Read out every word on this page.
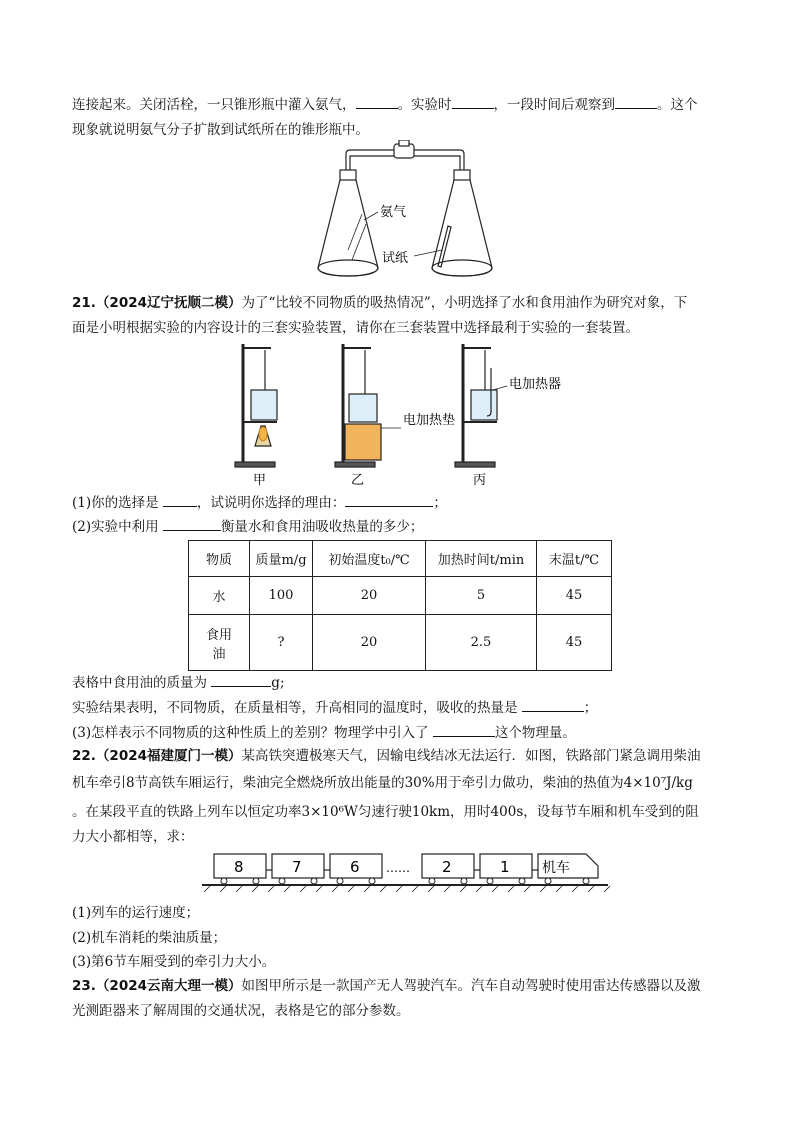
连接起来。关闭活栓，一只锥形瓶中灌入氨气，	。实验时	，一段时间后观察到	。这个
现象就说明氨气分子扩散到试纸所在的锥形瓶中。
氨气
试纸
21.（2024辽宁抚顺二模）为了“比较不同物质的吸热情况”，小明选择了水和食用油作为研究对象，下
面是小明根据实验的内容设计的三套实验装置，请你在三套装置中选择最利于实验的一套装置。
电加热垫
电加热器
甲	乙	丙
(1)你的选择是	，试说明你选择的理由：	；
(2)实验中利用	衡量水和食用油吸收热量的多少；
物质	质量m/g	初始温度t₀/℃	加热时间t/min	末温t/℃
水	100	20	5	45
食用
油	?	20	2.5	45
表格中食用油的质量为	g;
实验结果表明，不同物质，在质量相等，升高相同的温度时，吸收的热量是	；
(3)怎样表示不同物质的这种性质上的差别？物理学中引入了	这个物理量。
22.（2024福建厦门一模）某高铁突遭极寒天气，因输电线结冰无法运行．如图，铁路部门紧急调用柴油
机车牵引8节高铁车厢运行，柴油完全燃烧所放出能量的30%用于牵引力做功，柴油的热值为4×10⁷J/kg
。在某段平直的铁路上列车以恒定功率3×10⁶W匀速行驶10km，用时400s，设每节车厢和机车受到的阻
力大小都相等，求：
8	7	6 …… 2	1 机车
(1)列车的运行速度；
(2)机车消耗的柴油质量；
(3)第6节车厢受到的牵引力大小。
23.（2024云南大理一模）如图甲所示是一款国产无人驾驶汽车。汽车自动驾驶时使用雷达传感器以及激
光测距器来了解周围的交通状况，表格是它的部分参数。
